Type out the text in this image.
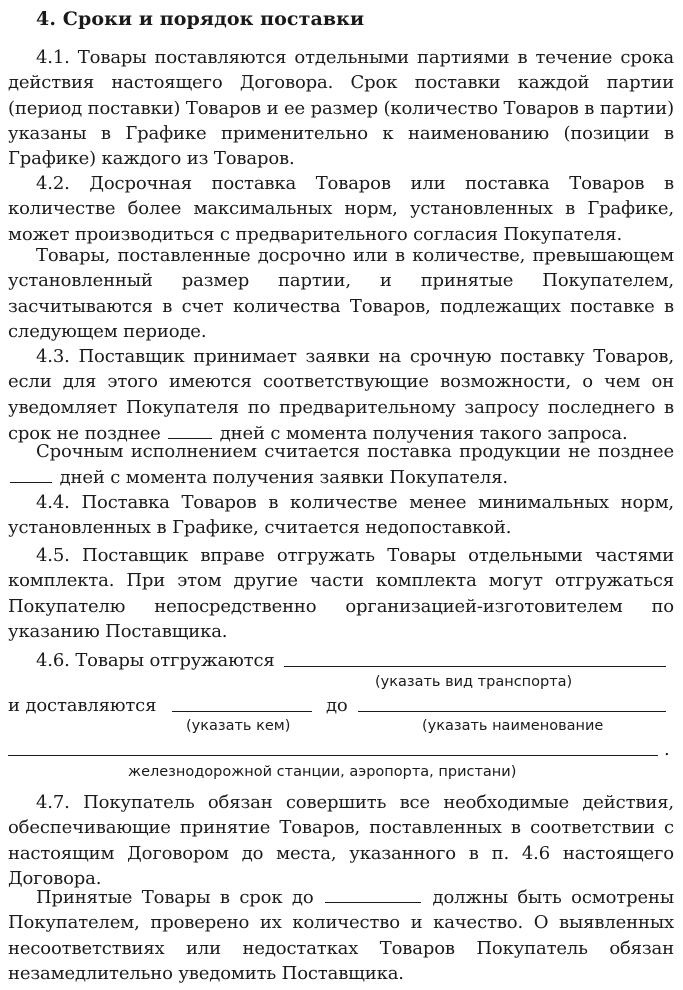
4. Сроки и порядок поставки

4.1. Товары поставляются отдельными партиями в течение срока действия настоящего Договора. Срок поставки каждой партии (период поставки) Товаров и ее размер (количество Товаров в партии) указаны в Графике применительно к наименованию (позиции в Графике) каждого из Товаров.

4.2. Досрочная поставка Товаров или поставка Товаров в количестве более максимальных норм, установленных в Графике, может производиться с предварительного согласия Покупателя.

Товары, поставленные досрочно или в количестве, превышающем установленный размер партии, и принятые Покупателем, засчитываются в счет количества Товаров, подлежащих поставке в следующем периоде.

4.3. Поставщик принимает заявки на срочную поставку Товаров, если для этого имеются соответствующие возможности, о чем он уведомляет Покупателя по предварительному запросу последнего в срок не позднее	дней с момента получения такого запроса.

Срочным исполнением считается поставка продукции не позднее  дней с момента получения заявки Покупателя.

4.4. Поставка Товаров в количестве менее минимальных норм, установленных в Графике, считается недопоставкой.

4.5. Поставщик вправе отгружать Товары отдельными частями комплекта. При этом другие части комплекта могут отгружаться Покупателю непосредственно организацией-изготовителем по указанию Поставщика.

4.6. Товары отгружаются
(указать вид транспорта)
и доставляются	до
(указать кем)	(указать наименование
.
железнодорожной станции, аэропорта, пристани)

4.7. Покупатель обязан совершить все необходимые действия, обеспечивающие принятие Товаров, поставленных в соответствии с настоящим Договором до места, указанного в п. 4.6 настоящего Договора.

Принятые Товары в срок до	должны быть осмотрены Покупателем, проверено их количество и качество. О выявленных несоответствиях или недостатках Товаров Покупатель обязан незамедлительно уведомить Поставщика.
